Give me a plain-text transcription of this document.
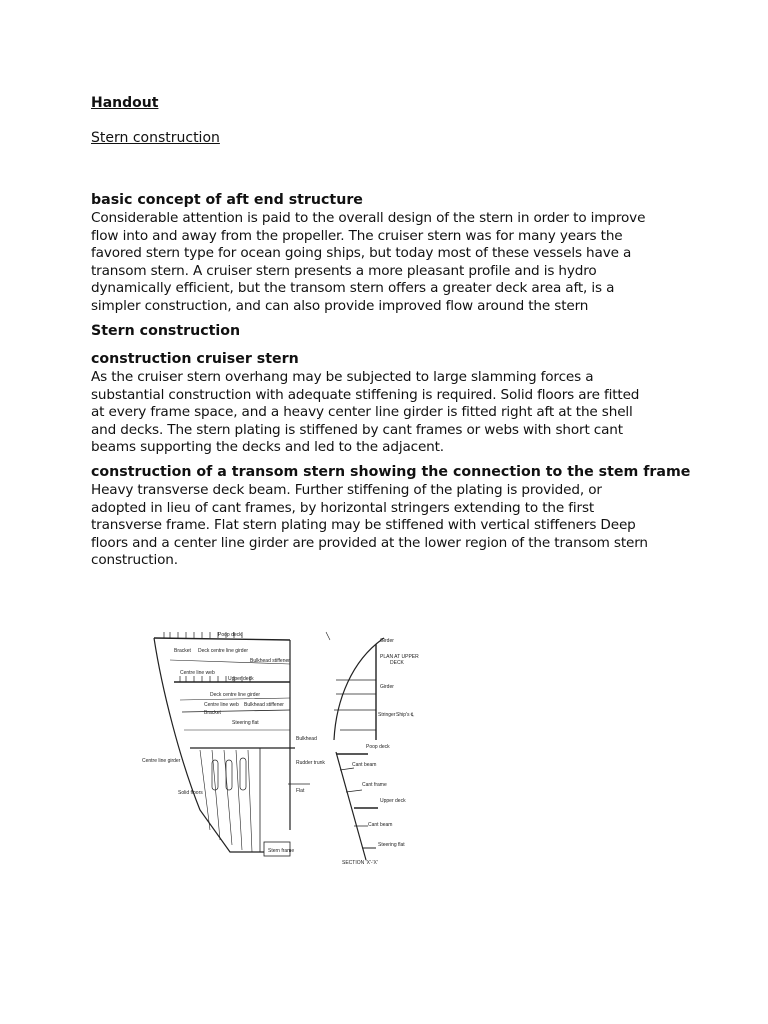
Handout

Stern construction

basic concept of aft end structure

Considerable attention is paid to the overall design of the stern in order to improve
flow into and away from the propeller. The cruiser stern was for many years the
favored stern type for ocean going ships, but today most of these vessels have a
transom stern. A cruiser stern presents a more pleasant profile and is hydro
dynamically efficient, but the transom stern offers a greater deck area aft, is a
simpler construction, and can also provide improved flow around the stern

Stern construction

construction cruiser stern

As the cruiser stern overhang may be subjected to large slamming forces a
substantial construction with adequate stiffening is required. Solid floors are fitted
at every frame space, and a heavy center line girder is fitted right aft at the shell
and decks. The stern plating is stiffened by cant frames or webs with short cant
beams supporting the decks and led to the adjacent.

construction of a transom stern showing the connection to the stem frame

Heavy transverse deck beam. Further stiffening of the plating is provided, or
adopted in lieu of cant frames, by horizontal stringers extending to the first
transverse frame. Flat stern plating may be stiffened with vertical stiffeners Deep
floors and a center line girder are provided at the lower region of the transom stern
construction.
Poop deck
Bracket Deck centre line girder
Bulkhead stiffener
Centre line web
Upper deck
Deck centre line girder
Centre line web Bulkhead stiffener
Bracket
Steering flat
Bulkhead
Centre line girder	Rudder trunk
Solid floors	Flat
Stern frame
Girder
PLAN AT UPPER
DECK
Girder
Stringer Ship's ℄
Poop deck
Cant beam
Cant frame
Upper deck
Cant beam
Steering flat
SECTION 'X'-'X'
